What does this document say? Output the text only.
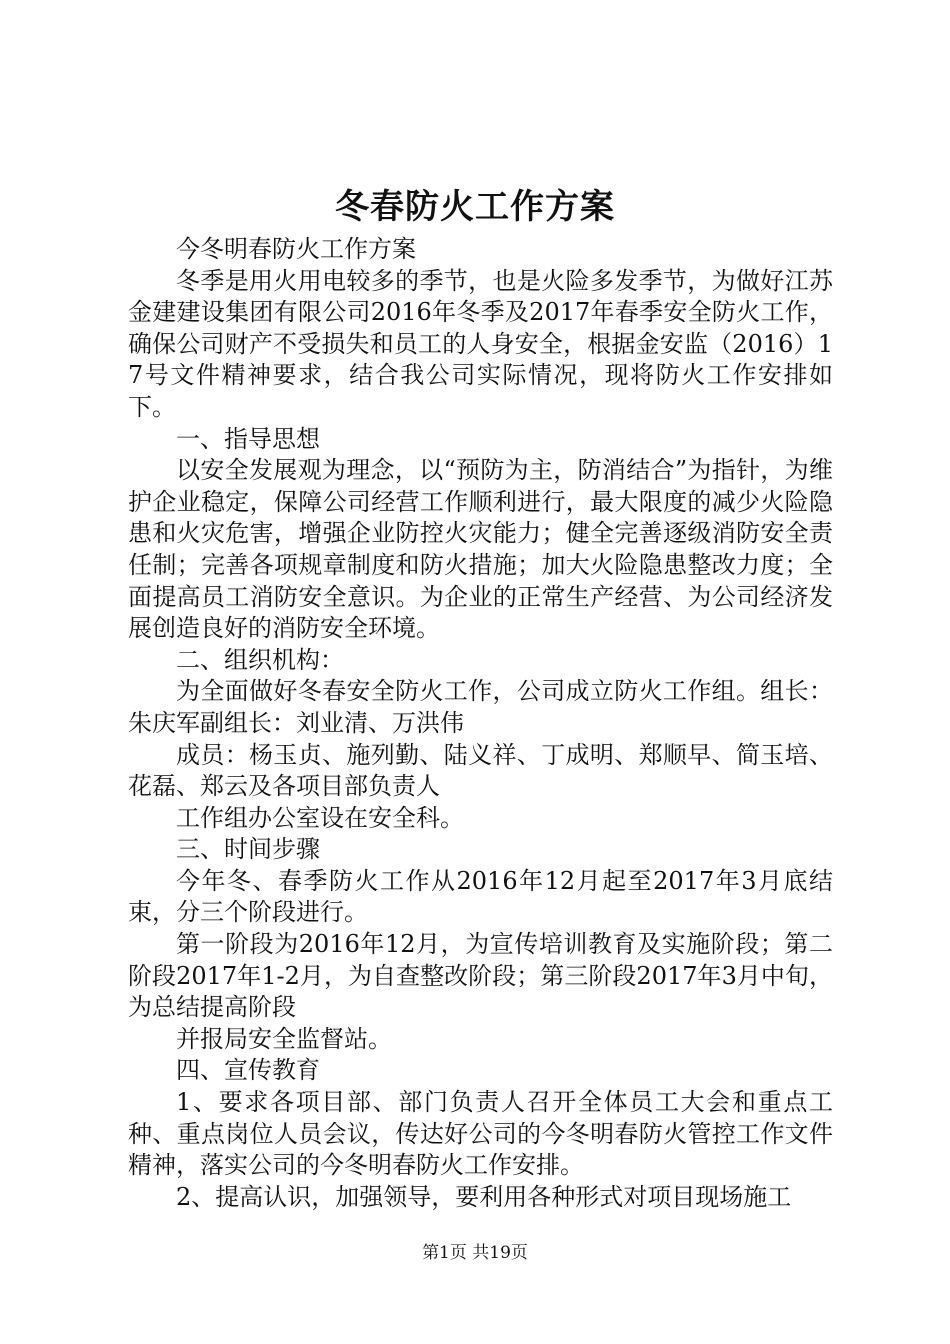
冬春防火工作方案

今冬明春防火工作方案

冬季是用火用电较多的季节，也是火险多发季节，为做好江苏金建建设集团有限公司2016年冬季及2017年春季安全防火工作，确保公司财产不受损失和员工的人身安全，根据金安监（2016）17号文件精神要求，结合我公司实际情况，现将防火工作安排如下。

一、指导思想

以安全发展观为理念，以“预防为主，防消结合”为指针，为维护企业稳定，保障公司经营工作顺利进行，最大限度的减少火险隐患和火灾危害，增强企业防控火灾能力；健全完善逐级消防安全责任制；完善各项规章制度和防火措施；加大火险隐患整改力度；全面提高员工消防安全意识。为企业的正常生产经营、为公司经济发展创造良好的消防安全环境。

二、组织机构：

为全面做好冬春安全防火工作，公司成立防火工作组。组长：朱庆军副组长：刘业清、万洪伟

成员：杨玉贞、施列勤、陆义祥、丁成明、郑顺早、简玉培、花磊、郑云及各项目部负责人

工作组办公室设在安全科。

三、时间步骤

今年冬、春季防火工作从2016年12月起至2017年3月底结束，分三个阶段进行。

第一阶段为2016年12月，为宣传培训教育及实施阶段；第二阶段2017年1-2月，为自查整改阶段；第三阶段2017年3月中旬，为总结提高阶段

并报局安全监督站。

四、宣传教育

1、要求各项目部、部门负责人召开全体员工大会和重点工种、重点岗位人员会议，传达好公司的今冬明春防火管控工作文件精神，落实公司的今冬明春防火工作安排。

2、提高认识，加强领导，要利用各种形式对项目现场施工

第1页 共19页
